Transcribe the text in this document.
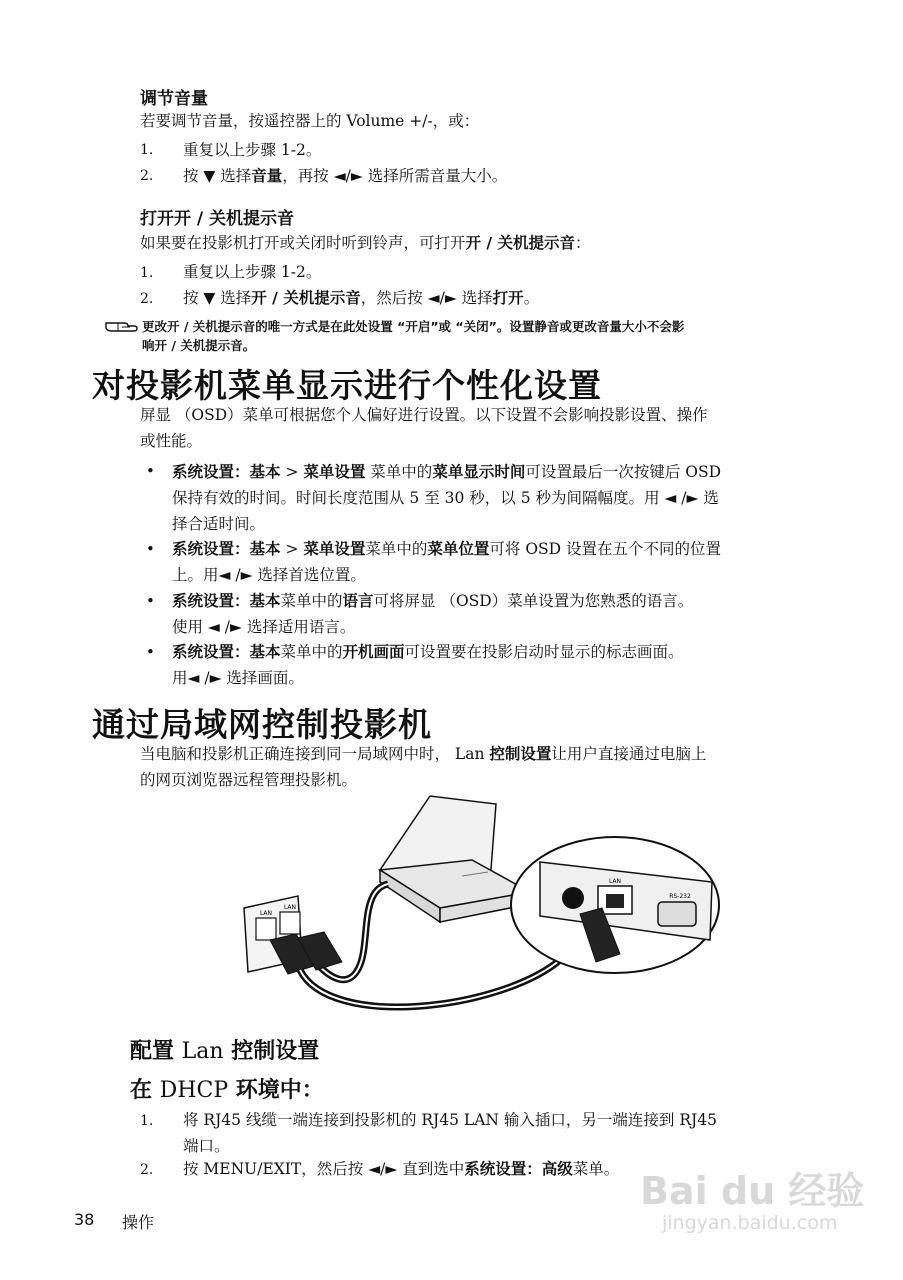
调节音量
若要调节音量，按遥控器上的 Volume +/-，或：
1. 重复以上步骤 1-2。
2. 按 ▼ 选择音量，再按 ◄/► 选择所需音量大小。
打开开 / 关机提示音
如果要在投影机打开或关闭时听到铃声，可打开开 / 关机提示音：
1. 重复以上步骤 1-2。
2. 按 ▼ 选择开 / 关机提示音，然后按 ◄/► 选择打开。
更改开 / 关机提示音的唯一方式是在此处设置 “开启”或 “关闭”。设置静音或更改音量大小不会影
响开 / 关机提示音。
对投影机菜单显示进行个性化设置
屏显 （OSD）菜单可根据您个人偏好进行设置。以下设置不会影响投影设置、操作
或性能。
• 系统设置：基本 > 菜单设置 菜单中的菜单显示时间可设置最后一次按键后 OSD
保持有效的时间。时间长度范围从 5 至 30 秒，以 5 秒为间隔幅度。用 ◄ /► 选
择合适时间。
• 系统设置：基本 > 菜单设置菜单中的菜单位置可将 OSD 设置在五个不同的位置
上。用◄ /► 选择首选位置。
• 系统设置：基本菜单中的语言可将屏显 （OSD）菜单设置为您熟悉的语言。
使用 ◄ /► 选择适用语言。
• 系统设置：基本菜单中的开机画面可设置要在投影启动时显示的标志画面。
用◄ /► 选择画面。
通过局域网控制投影机
当电脑和投影机正确连接到同一局域网中时， Lan 控制设置让用户直接通过电脑上
的网页浏览器远程管理投影机。
LAN
LAN
LAN
RS-232
配置 Lan 控制设置
在 DHCP 环境中：
1. 将 RJ45 线缆一端连接到投影机的 RJ45 LAN 输入插口，另一端连接到 RJ45
端口。
2. 按 MENU/EXIT，然后按 ◄/► 直到选中系统设置：高级菜单。
38 操作
Bai du 经验
jingyan.baidu.com
